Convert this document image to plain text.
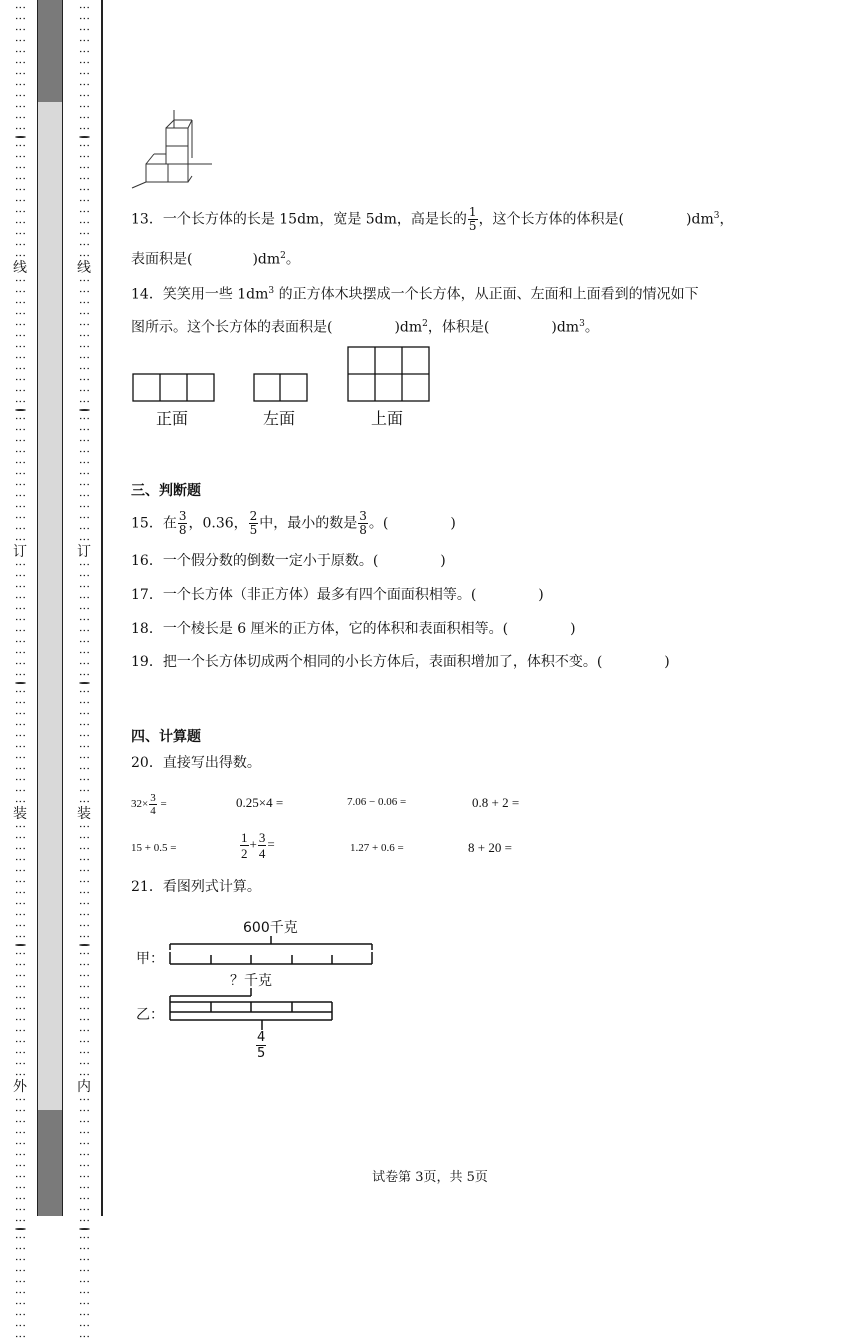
⋮⋮⋮⋮⋮⋮⋮⋮⋮⋮⋮⋮
⋮⋮⋮⋮⋮⋮⋮⋮⋮⋮⋮
线
⋮⋮⋮⋮⋮⋮⋮⋮⋮⋮⋮⋮
⋮⋮⋮⋮⋮⋮⋮⋮⋮⋮⋮⋮
订
⋮⋮⋮⋮⋮⋮⋮⋮⋮⋮⋮
⋮⋮⋮⋮⋮⋮⋮⋮⋮⋮⋮
装
⋮⋮⋮⋮⋮⋮⋮⋮⋮⋮⋮
⋮⋮⋮⋮⋮⋮⋮⋮⋮⋮⋮⋮
外
⋮⋮⋮⋮⋮⋮⋮⋮⋮⋮⋮⋮
⋮⋮⋮⋮⋮⋮⋮⋮⋮⋮
⋮⋮⋮⋮⋮⋮⋮⋮⋮⋮⋮⋮
⋮⋮⋮⋮⋮⋮⋮⋮⋮⋮⋮
线
⋮⋮⋮⋮⋮⋮⋮⋮⋮⋮⋮⋮
⋮⋮⋮⋮⋮⋮⋮⋮⋮⋮⋮⋮
订
⋮⋮⋮⋮⋮⋮⋮⋮⋮⋮⋮
⋮⋮⋮⋮⋮⋮⋮⋮⋮⋮⋮
装
⋮⋮⋮⋮⋮⋮⋮⋮⋮⋮⋮
⋮⋮⋮⋮⋮⋮⋮⋮⋮⋮⋮⋮
内
⋮⋮⋮⋮⋮⋮⋮⋮⋮⋮⋮⋮
⋮⋮⋮⋮⋮⋮⋮⋮⋮⋮
13．一个长方体的长是 15dm，宽是 5dm，高是长的 $\frac{1}{5}$ ，这个长方体的体积是(	)$dm^3$，
表面积是(	)$dm^2$。
14．笑笑用一些 $1dm^3$ 的正方体木块摆成一个长方体，从正面、左面和上面看到的情况如下
图所示。这个长方体的表面积是(	)$dm^2$，体积是(	)$dm^3$。
正面	左面	上面
三、判断题
15．在 $\frac{3}{8}$ ，0.36， $\frac{2}{5}$ 中，最小的数是 $\frac{3}{8}$ 。(	)
16．一个假分数的倒数一定小于原数。(	)
17．一个长方体（非正方体）最多有四个面面积相等。(	)
18．一个棱长是 6 厘米的正方体，它的体积和表面积相等。(	)
19．把一个长方体切成两个相同的小长方体后，表面积增加了，体积不变。(	)
四、计算题
20．直接写出得数。
$32\times \frac{3}{4}$ =	0.25×4 =	7.06 − 0.06 =	0.8 + 2 =
15 + 0.5 =	$\frac{1}{2} + \frac{3}{4}$ =	1.27 + 0.6 =	8 + 20 =
21．看图列式计算。
600千克
甲：
？千克
乙：
$\frac{4}{5}$
试卷第 3页，共 5页
